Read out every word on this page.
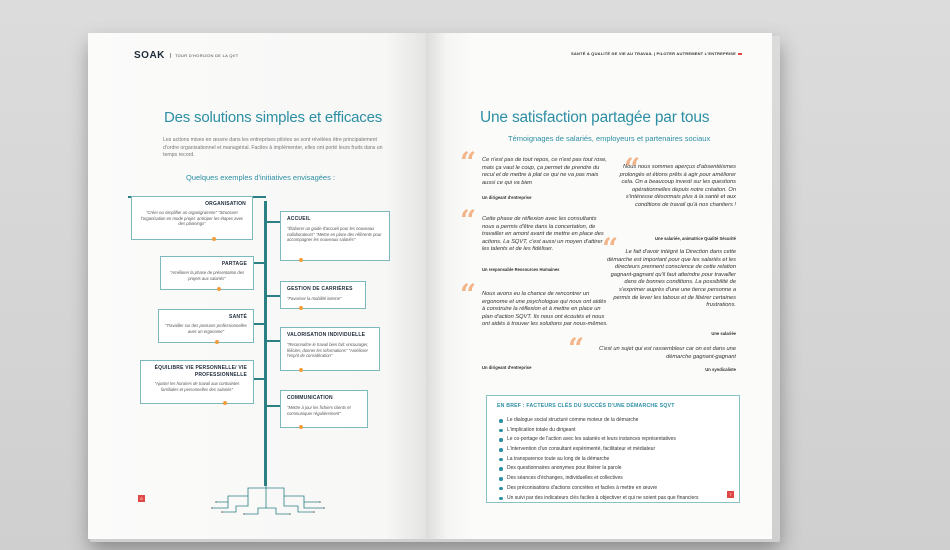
SOAK	TOUR D'HORIZON DE LA QVT
Des solutions simples et efficaces
Les actions mises en œuvre dans les entreprises pilotes se sont révélées être principalement d'ordre organisationnel et managérial. Faciles à implémenter, elles ont porté leurs fruits dans un temps record.
Quelques exemples d'initiatives envisagées :
ORGANISATION
"Créer ou simplifier un organigramme" "Structurer l'organisation en mode projet: anticiper les étapes avec des plannings"
PARTAGE
"Améliorer la phase de présentation des projets aux salariés"
SANTÉ
"Travailler sur des postures professionnelles avec un ergonome"
ÉQUILIBRE VIE PERSONNELLE/ VIE PROFESSIONNELLE
"Ajuster les horaires de travail aux contraintes familiales et personnelles des salariés"
ACCUEIL
"Élaborer un guide d'accueil pour les nouveaux collaborateurs" "Mettre en place des référents pour accompagner les nouveaux salariés"
GESTION DE CARRIÈRES
"Favoriser la mobilité interne"
VALORISATION INDIVIDUELLE
"Reconnaître le travail bien fait: encourager, féliciter, donner les informations" "Améliorer l'esprit de considération"
COMMUNICATION
"Mettre à jour les fichiers clients et communiquer régulièrement"
6
SANTÉ & QUALITÉ DE VIE AU TRAVAIL | PILOTER AUTREMENT L'ENTREPRISE
Une satisfaction partagée par tous
Témoignages de salariés, employeurs et partenaires sociaux
“ Ce n'est pas de tout repos, ce n'est pas tout rose, mais ça vaut le coup, ça permet de prendre du recul et de mettre à plat ce qui ne va pas mais aussi ce qui va bien
Un dirigeant d'entreprise
“
Nous nous sommes aperçus d'absentéismes prolongés et étions prêts à agir pour améliorer cela. On a beaucoup investi sur les questions opérationnelles depuis notre création. On s'intéresse désormais plus à la santé et aux conditions de travail qu'à nos chantiers !
Une salariée, animatrice Qualité Sécurité
“ Cette phase de réflexion avec les consultants nous a permis d'être dans la concertation, de travailler en amont avant de mettre en place des actions. La SQVT, c'est aussi un moyen d'attirer les talents et de les fidéliser.
Un responsable Ressources Humaines
“	Le fait d'avoir intégré la Direction dans cette démarche est important pour que les salariés et les directeurs prennent conscience de cette relation gagnant-gagnant qu'il faut atteindre pour travailler dans de bonnes conditions. La possibilité de s'exprimer auprès d'une une tierce personne a permis de lever les tabous et de libérer certaines frustrations.
Une salariée
“ Nous avons eu la chance de rencontrer un ergonome et une psychologue qui nous ont aidés à construire la réflexion et à mettre en place un plan d'action SQVT. Ils nous ont écoutés et nous ont aidés à trouver les solutions par nous-mêmes.
Un dirigeant d'entreprise
“	C'est un sujet qui est rassembleur car on est dans une démarche gagnant-gagnant
Un syndicaliste
EN BREF : FACTEURS CLÉS DU SUCCÈS D'UNE DÉMARCHE SQVT
Le dialogue social structuré comme moteur de la démarche
L'implication totale du dirigeant
Le co-portage de l'action avec les salariés et leurs instances représentatives
L'intervention d'un consultant expérimenté, facilitateur et médiateur
La transparence toute au long de la démarche
Des questionnaires anonymes pour libérer la parole
Des séances d'échanges, individuelles et collectives
Des préconisations d'actions concrètes et faciles à mettre en œuvre
Un suivi par des indicateurs clés faciles à objectiver et qui ne soient pas que financiers	7
